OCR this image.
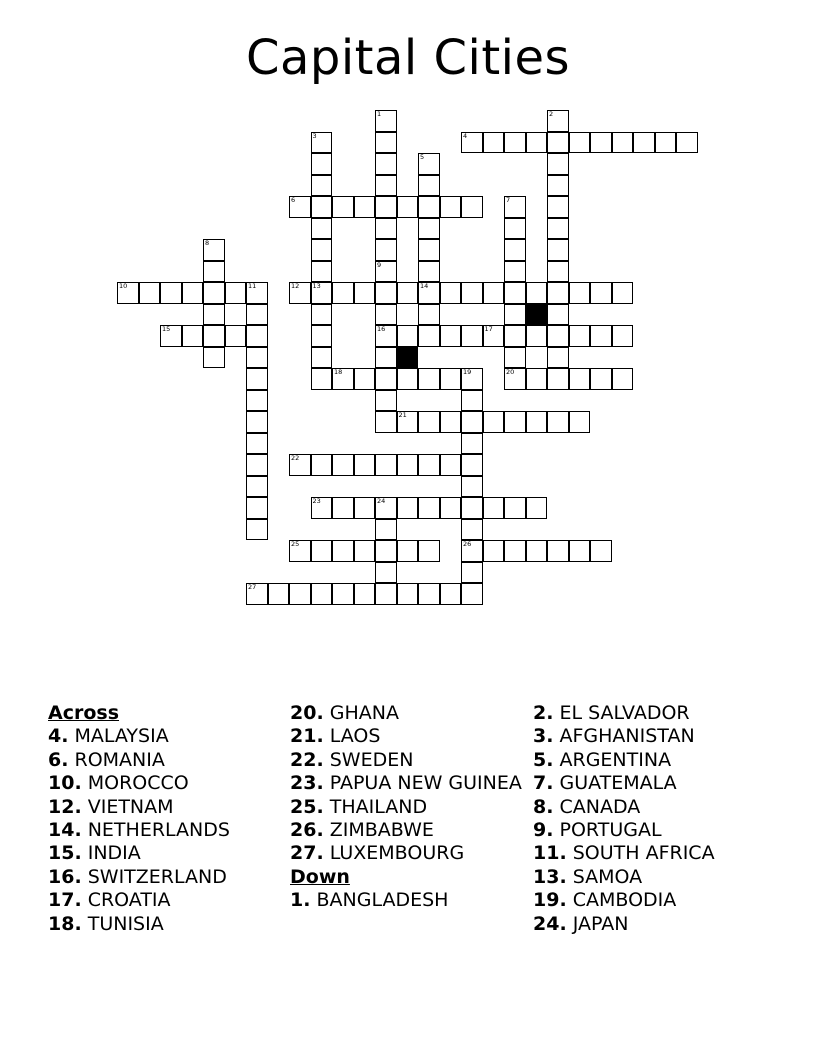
Capital Cities
1
9
2
3
13
4
5
14
6	7
20
8
16
10	11	12
15	17
18	19
26
21
22
23	24
25
27
Across
4. MALAYSIA
6. ROMANIA
10. MOROCCO
12. VIETNAM
14. NETHERLANDS
15. INDIA
16. SWITZERLAND
17. CROATIA
18. TUNISIA
20. GHANA
21. LAOS
22. SWEDEN
23. PAPUA NEW GUINEA
25. THAILAND
26. ZIMBABWE
27. LUXEMBOURG
Down
1. BANGLADESH
2. EL SALVADOR
3. AFGHANISTAN
5. ARGENTINA
7. GUATEMALA
8. CANADA
9. PORTUGAL
11. SOUTH AFRICA
13. SAMOA
19. CAMBODIA
24. JAPAN
